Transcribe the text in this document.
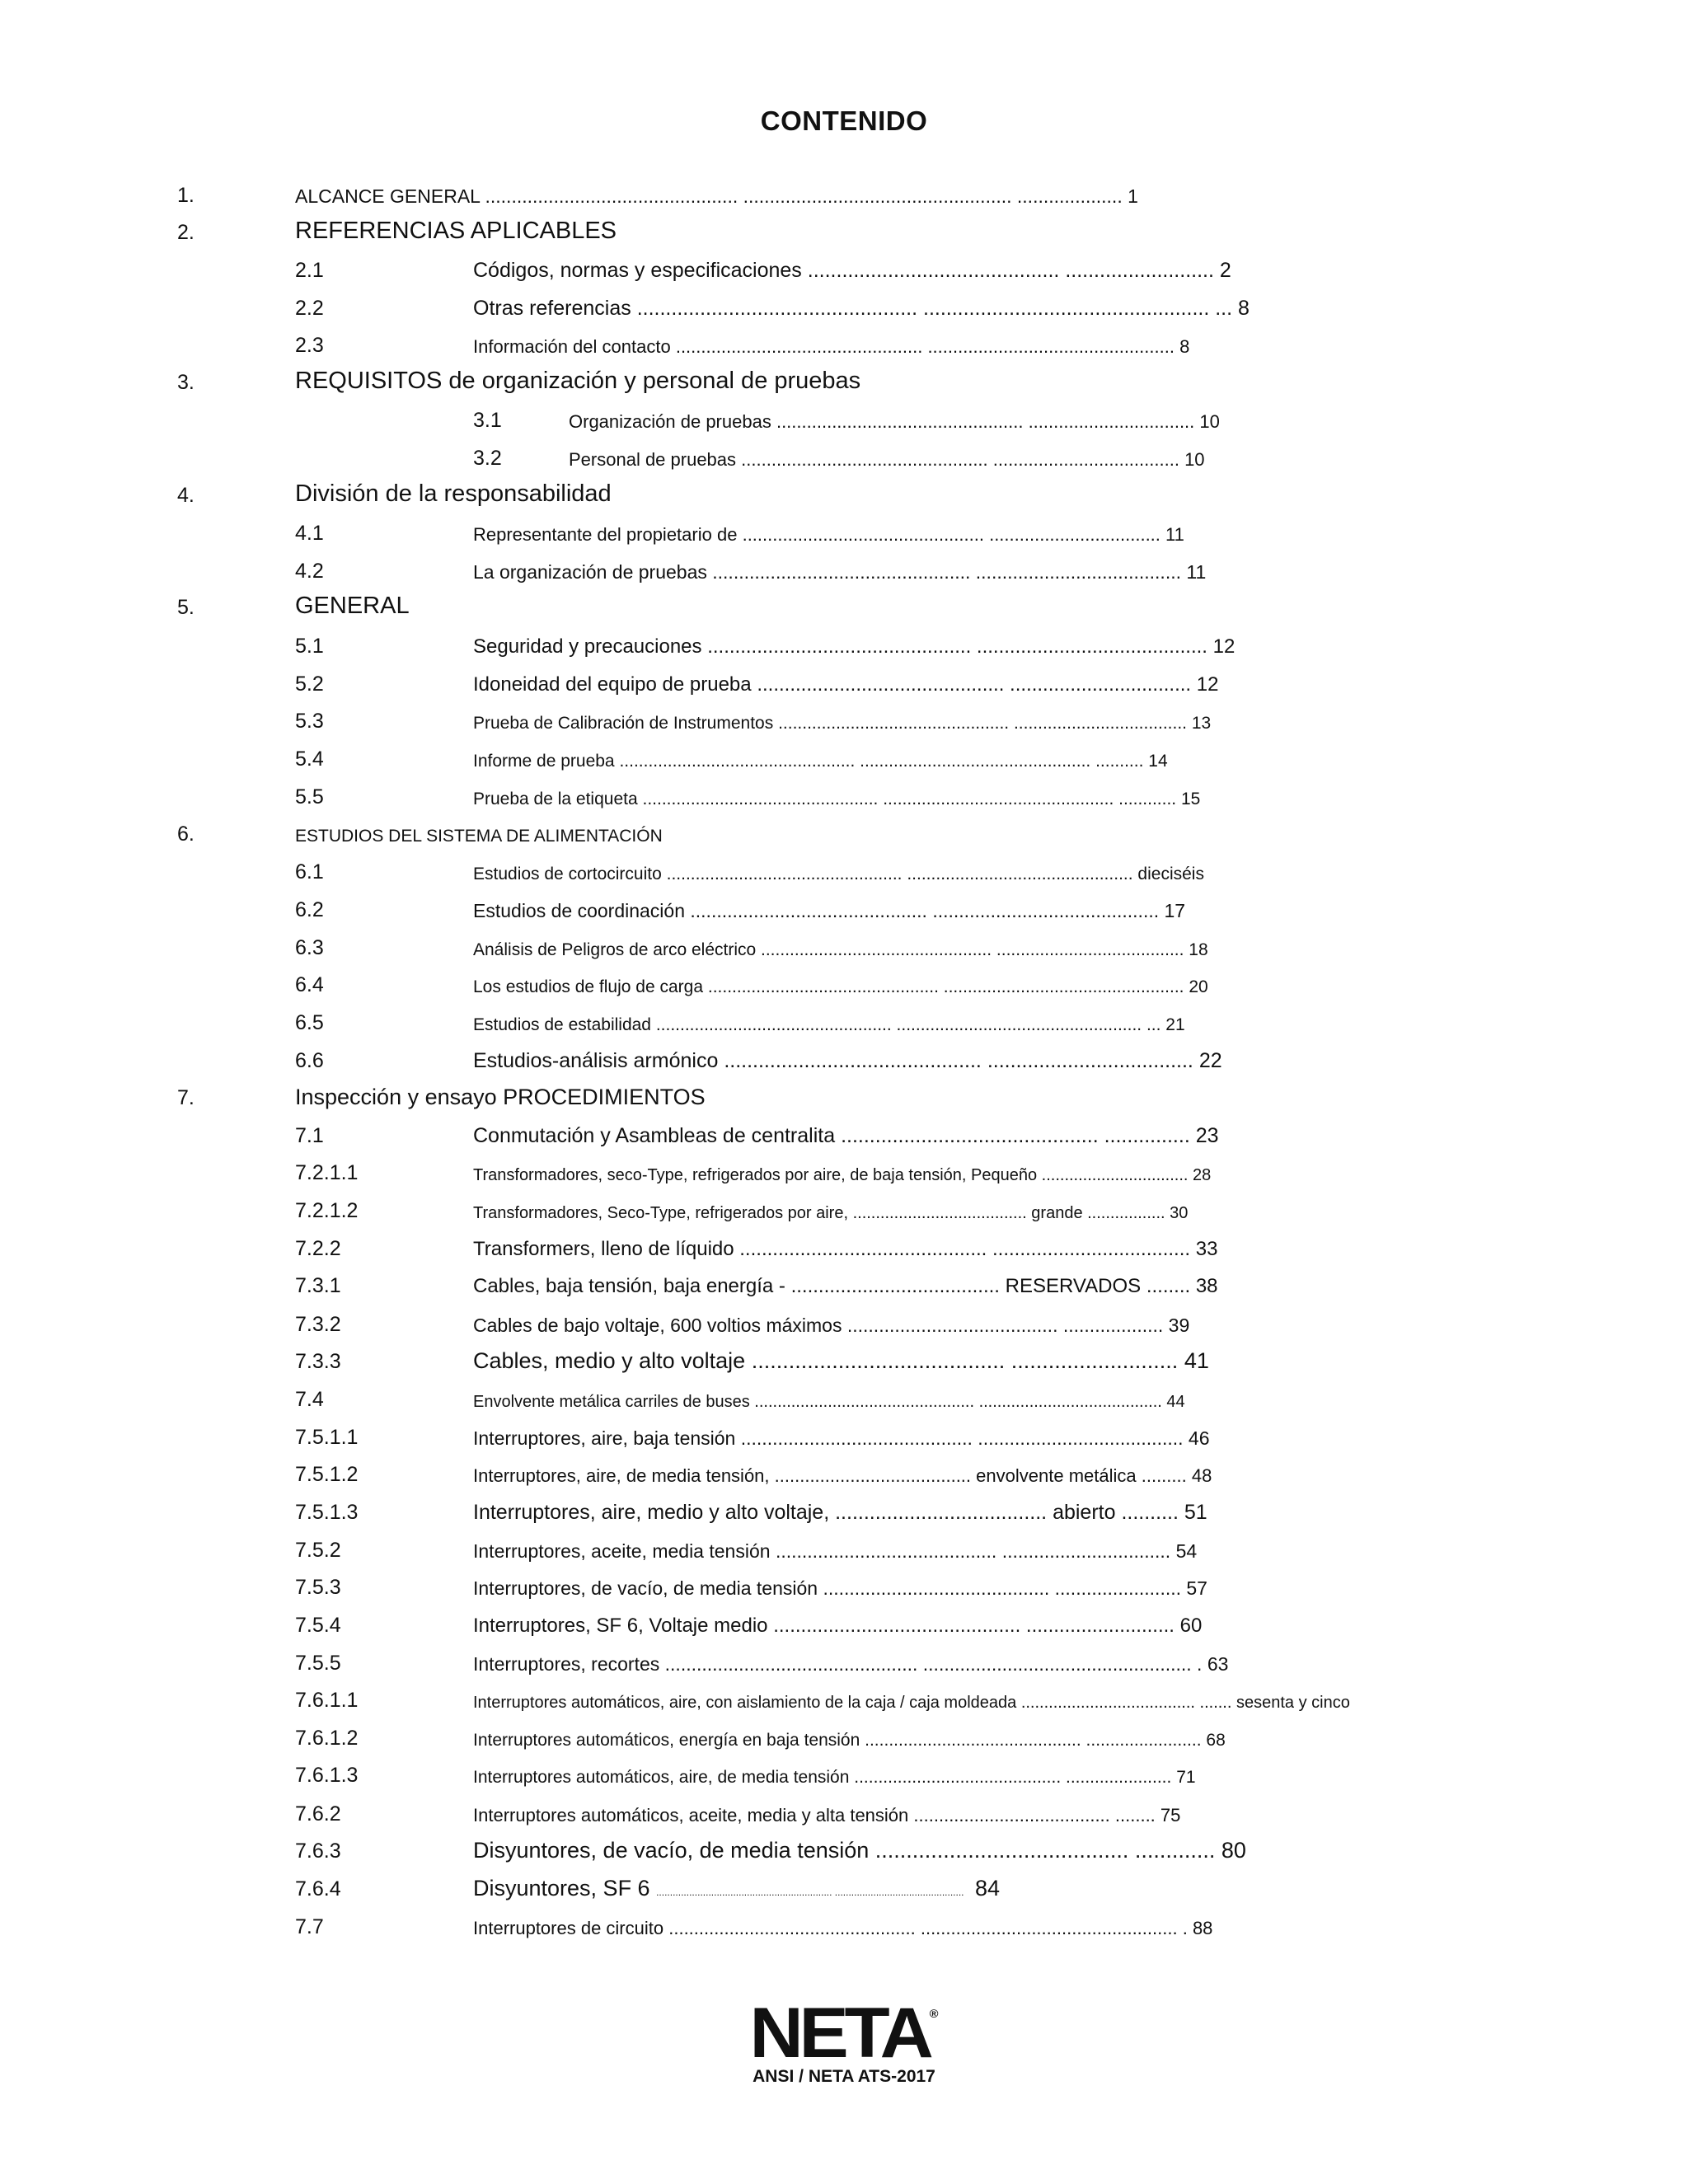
CONTENIDO
1.	ALCANCE GENERAL ................................................ ................................................... .................... 1
2.	REFERENCIAS APLICABLES
2.1	Códigos, normas y especificaciones ............................................ .......................... 2
2.2	Otras referencias ................................................. .................................................. ... 8
2.3	Información del contacto ................................................. ................................................. 8
3.	REQUISITOS de organización y personal de pruebas
3.1	Organización de pruebas ................................................. ................................. 10
3.2	Personal de pruebas ................................................. ..................................... 10
4.	División de la responsabilidad
4.1	Representante del propietario de ................................................ .................................. 11
4.2	La organización de pruebas ................................................. ....................................... 11
5.	GENERAL
5.1	Seguridad y precauciones ................................................ .......................................... 12
5.2	Idoneidad del equipo de prueba ............................................. ................................. 12
5.3	Prueba de Calibración de Instrumentos ................................................ .................................... 13
5.4	Informe de prueba ................................................. ................................................ .......... 14
5.5	Prueba de la etiqueta ................................................. ................................................ ............ 15
6.	ESTUDIOS DEL SISTEMA DE ALIMENTACIÓN
6.1	Estudios de cortocircuito ................................................. ............................................... dieciséis
6.2	Estudios de coordinación ............................................. ........................................... 17
6.3	Análisis de Peligros de arco eléctrico ................................................ ....................................... 18
6.4	Los estudios de flujo de carga ................................................ .................................................. 20
6.5	Estudios de estabilidad ................................................. ................................................... ... 21
6.6	Estudios-análisis armónico ............................................. .................................... 22
7.	Inspección y ensayo PROCEDIMIENTOS
7.1	Conmutación y Asambleas de centralita ............................................. ............... 23
7.2.1.1	Transformadores, seco-Type, refrigerados por aire, de baja tensión, Pequeño ................................ 28
7.2.1.2	Transformadores, Seco-Type, refrigerados por aire, ...................................... grande ................. 30
7.2.2	Transformers, lleno de líquido ............................................. .................................... 33
7.3.1	Cables, baja tensión, baja energía - ...................................... RESERVADOS ........ 38
7.3.2	Cables de bajo voltaje, 600 voltios máximos ........................................ ................... 39
7.3.3	Cables, medio y alto voltaje ......................................... ........................... 41
7.4	Envolvente metálica carriles de buses ................................................ ........................................ 44
7.5.1.1	Interruptores, aire, baja tensión ............................................ ....................................... 46
7.5.1.2	Interruptores, aire, de media tensión, ....................................... envolvente metálica ......... 48
7.5.1.3	Interruptores, aire, medio y alto voltaje, ..................................... abierto .......... 51
7.5.2	Interruptores, aceite, media tensión .......................................... ................................ 54
7.5.3	Interruptores, de vacío, de media tensión ........................................... ........................ 57
7.5.4	Interruptores, SF 6, Voltaje medio ............................................. ........................... 60
7.5.5	Interruptores, recortes ................................................ ................................................... . 63
7.6.1.1	Interruptores automáticos, aire, con aislamiento de la caja / caja moldeada ...................................... ....... sesenta y cinco
7.6.1.2	Interruptores automáticos, energía en baja tensión ............................................. ........................ 68
7.6.1.3	Interruptores automáticos, aire, de media tensión ........................................... ...................... 71
7.6.2	Interruptores automáticos, aceite, media y alta tensión ....................................... ........ 75
7.6.3	Disyuntores, de vacío, de media tensión ......................................... ............. 80
7.6.4	Disyuntores, SF 6 ................................................................ ............................................... 84
7.7	Interruptores de circuito ................................................. ................................................... . 88
NETA®
ANSI / NETA ATS-2017
